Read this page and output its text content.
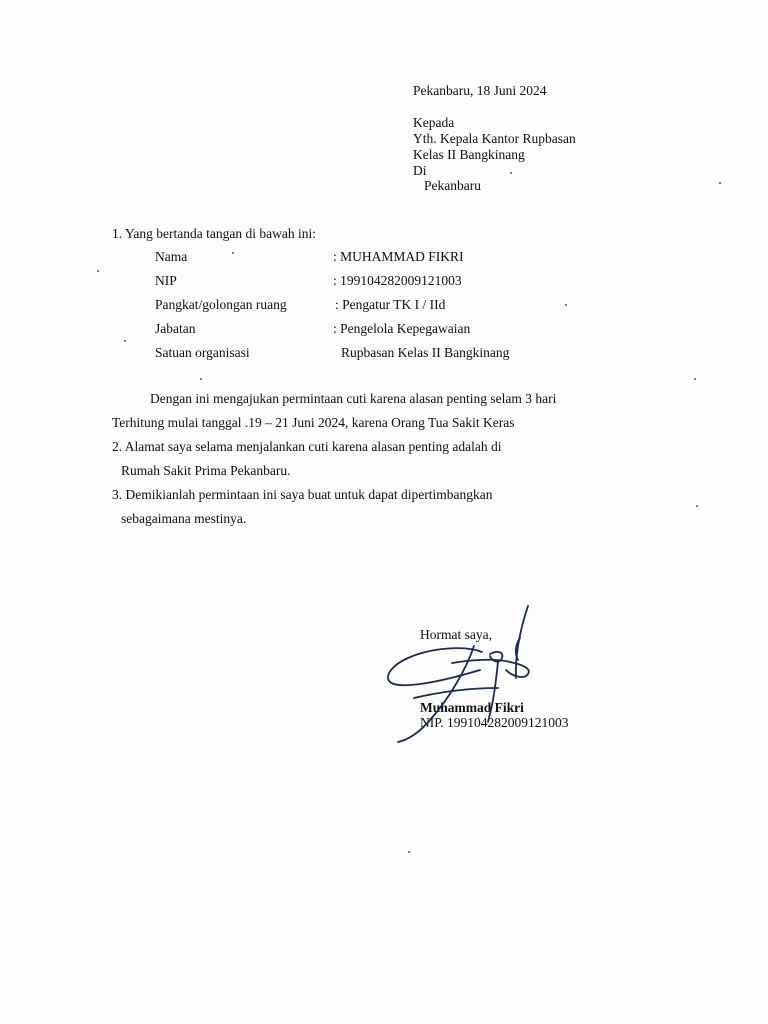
Pekanbaru, 18 Juni 2024
Kepada
Yth. Kepala Kantor Rupbasan
Kelas II Bangkinang
Di
Pekanbaru
1. Yang bertanda tangan di bawah ini:
Nama	: MUHAMMAD FIKRI
NIP	: 199104282009121003
Pangkat/golongan ruang	: Pengatur TK I / IId
Jabatan	: Pengelola Kepegawaian
Satuan organisasi	Rupbasan Kelas II Bangkinang
Dengan ini mengajukan permintaan cuti karena alasan penting selam 3 hari
Terhitung mulai tanggal .19 – 21 Juni 2024, karena Orang Tua Sakit Keras
2. Alamat saya selama menjalankan cuti karena alasan penting adalah di
Rumah Sakit Prima Pekanbaru.
3. Demikianlah permintaan ini saya buat untuk dapat dipertimbangkan
sebagaimana mestinya.
Hormat saya,
Muhammad Fikri
NIP. 199104282009121003
